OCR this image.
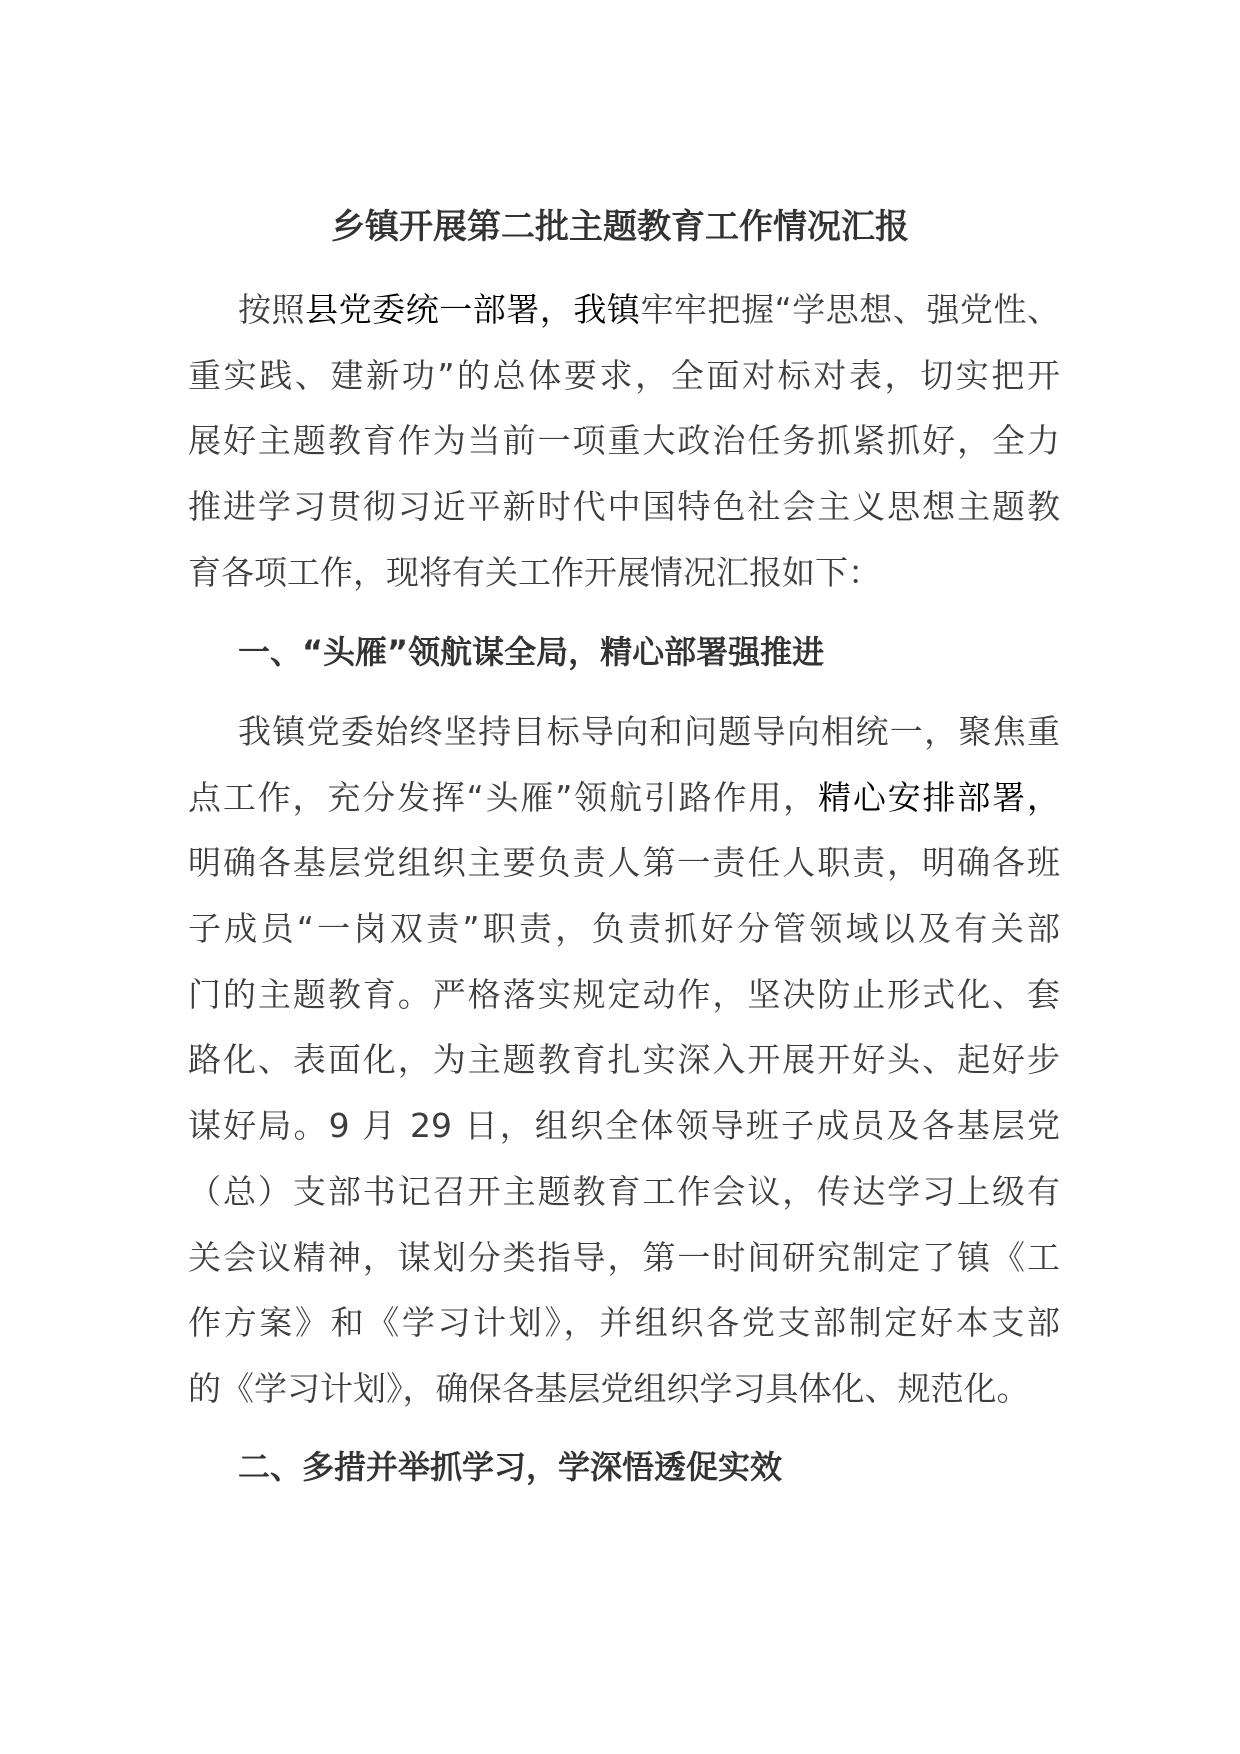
乡镇开展第二批主题教育工作情况汇报
按照县党委统一部署，我镇牢牢把握“学思想、强党性、
重实践、建新功”的总体要求，全面对标对表，切实把开
展好主题教育作为当前一项重大政治任务抓紧抓好，全力
推进学习贯彻习近平新时代中国特色社会主义思想主题教
育各项工作，现将有关工作开展情况汇报如下：
一、“头雁”领航谋全局，精心部署强推进
我镇党委始终坚持目标导向和问题导向相统一，聚焦重
点工作，充分发挥“头雁”领航引路作用，精心安排部署，
明确各基层党组织主要负责人第一责任人职责，明确各班
子成员“一岗双责”职责，负责抓好分管领域以及有关部
门的主题教育。严格落实规定动作，坚决防止形式化、套
路化、表面化，为主题教育扎实深入开展开好头、起好步
谋好局。9 月 29 日，组织全体领导班子成员及各基层党
（总）支部书记召开主题教育工作会议，传达学习上级有
关会议精神，谋划分类指导，第一时间研究制定了镇《工
作方案》和《学习计划》，并组织各党支部制定好本支部
的《学习计划》，确保各基层党组织学习具体化、规范化。
二、多措并举抓学习，学深悟透促实效
